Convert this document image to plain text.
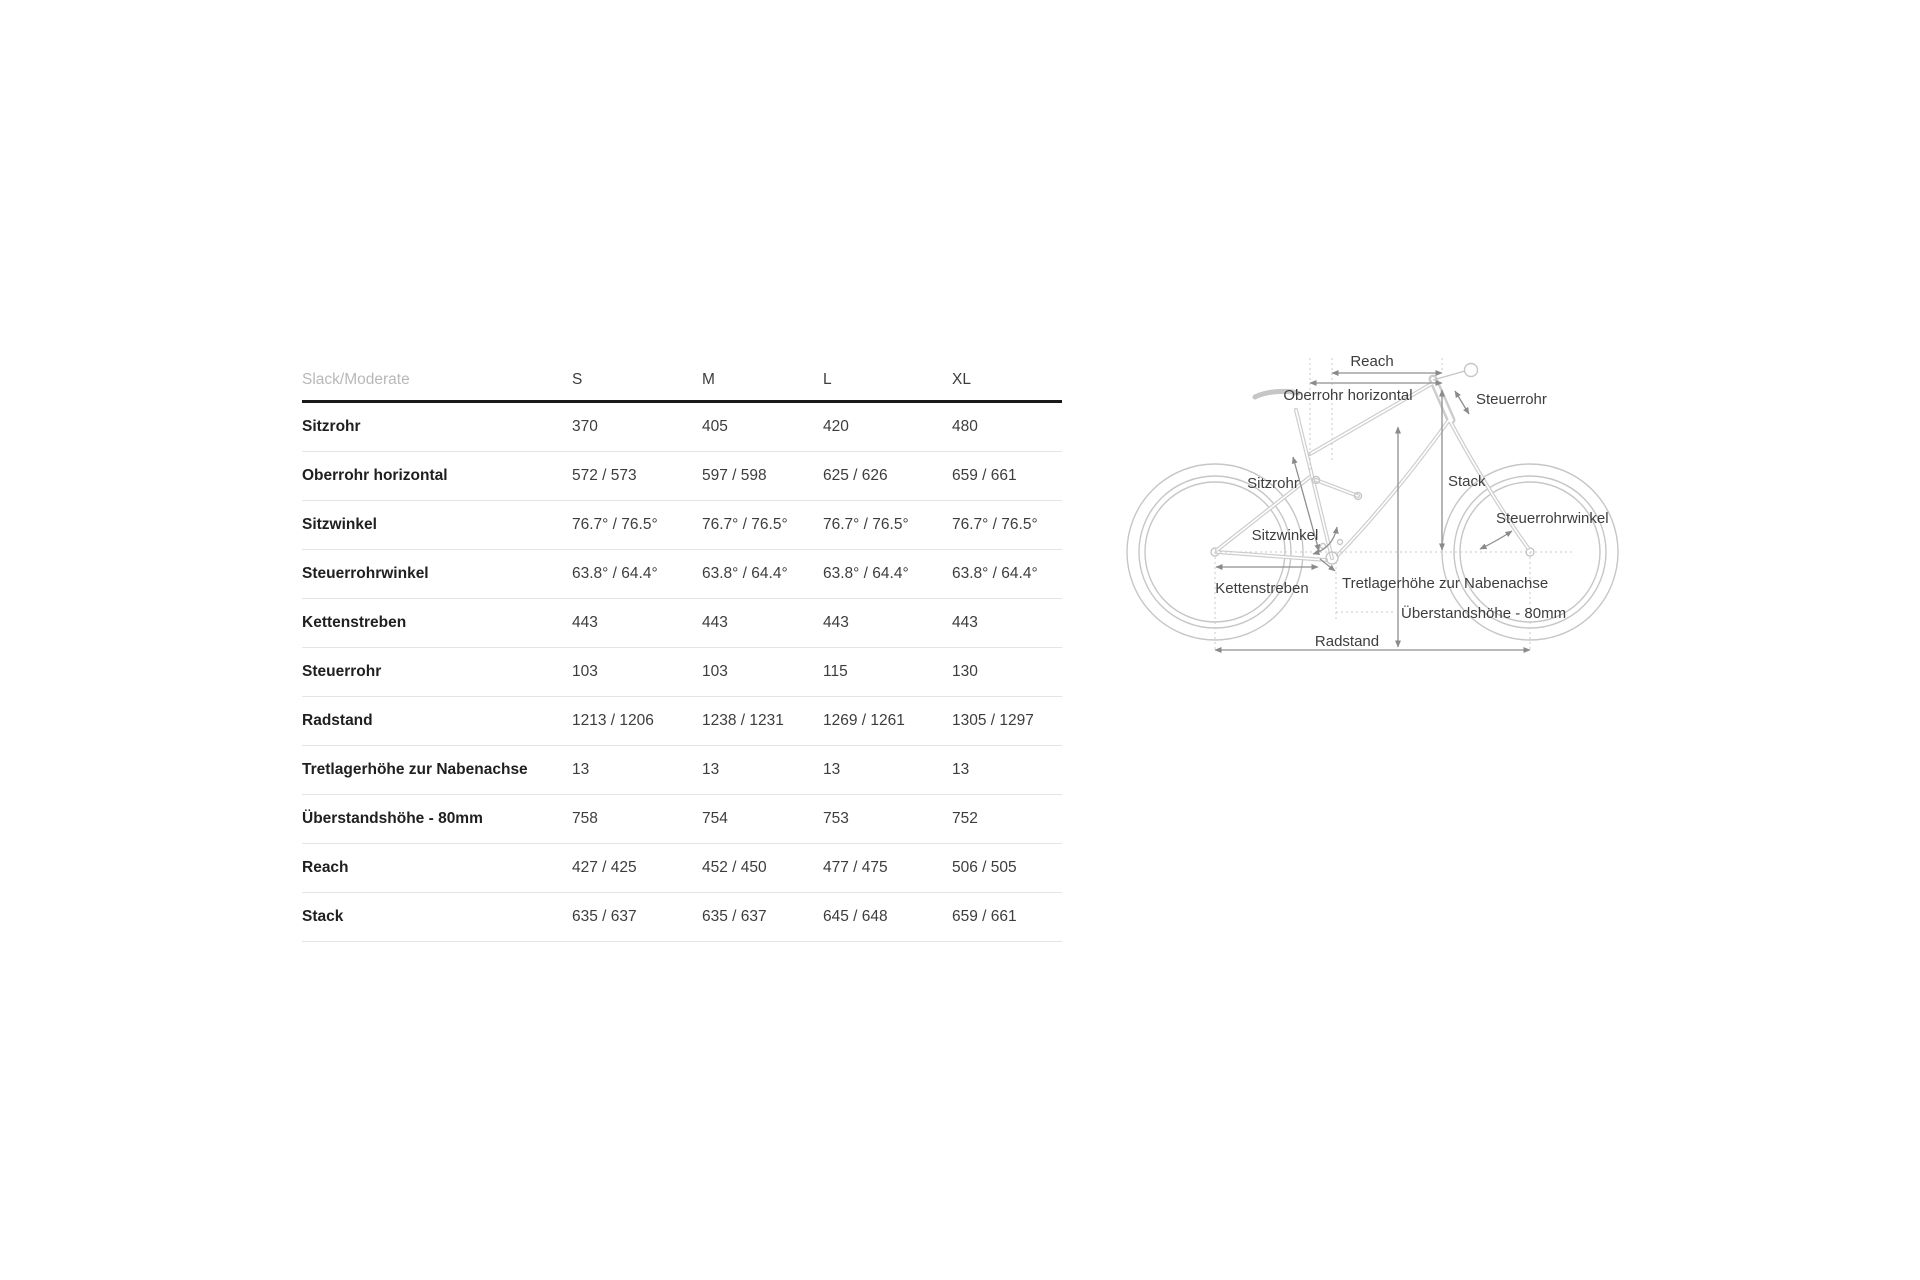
Slack/Moderate	S	M	L	XL
Sitzrohr	370	405	420	480
Oberrohr horizontal	572 / 573	597 / 598	625 / 626	659 / 661
Sitzwinkel	76.7° / 76.5°	76.7° / 76.5°	76.7° / 76.5°	76.7° / 76.5°
Steuerrohrwinkel	63.8° / 64.4°	63.8° / 64.4°	63.8° / 64.4°	63.8° / 64.4°
Kettenstreben	443	443	443	443
Steuerrohr	103	103	115	130
Radstand	1213 / 1206	1238 / 1231	1269 / 1261	1305 / 1297
Tretlagerhöhe zur Nabenachse	13	13	13	13
Überstandshöhe - 80mm	758	754	753	752
Reach	427 / 425	452 / 450	477 / 475	506 / 505
Stack	635 / 637	635 / 637	645 / 648	659 / 661
Reach
Oberrohr horizontal	Steuerrohr
Sitzrohr	Stack
Sitzwinkel
Steuerrohrwinkel
Kettenstreben Tretlagerhöhe zur Nabenachse
Überstandshöhe - 80mm
Radstand
